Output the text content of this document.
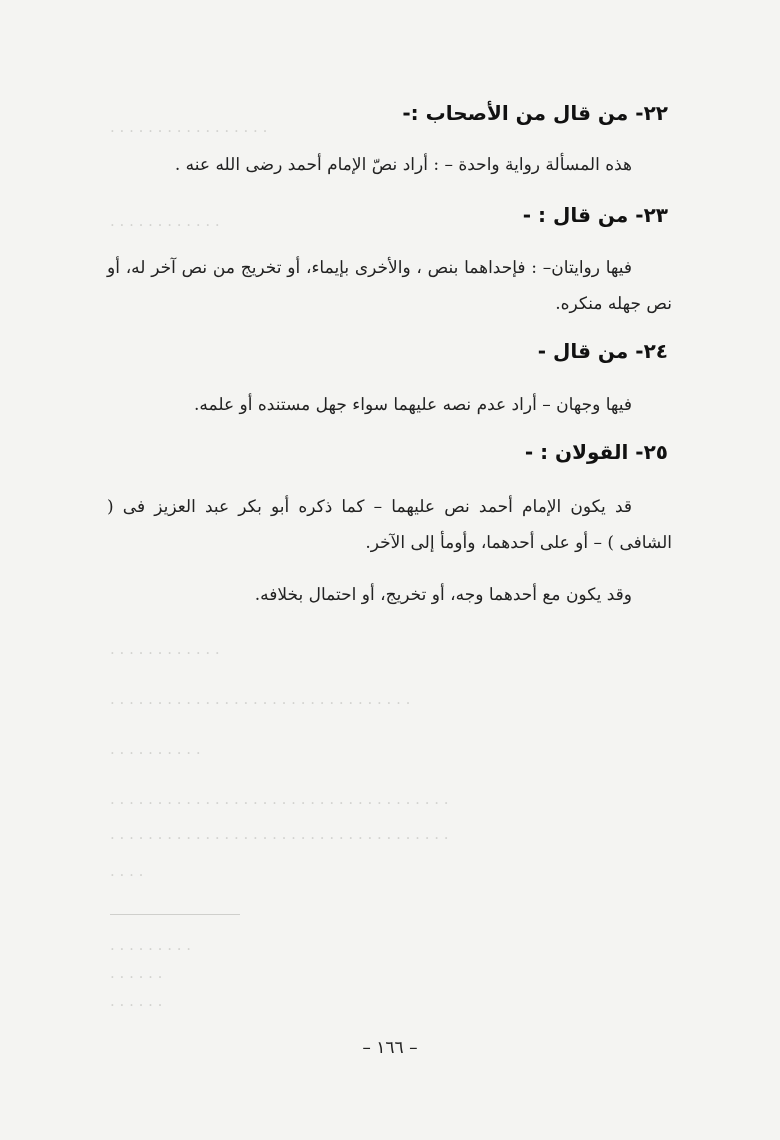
. . . . . . . . . . . . . . . . .
. . . . . . . . . . . .
. . . . . . . . . . . .
. . . . . . . . . . . . . . . . . . . . . . . . . . . . . . . .
. . . . . . . . . .
. . . . . . . . . . . . . . . . . . . . . . . . . . . . . . . . . . . .
. . . . . . . . . . . . . . . . . . . . . . . . . . . . . . . . . . . .
. . . .
. . . . . . . . .
. . . . . .
. . . . . .
٢٢- من قال من الأصحاب :-

هذه المسألة رواية واحدة – : أراد نصّ الإمام أحمد رضى الله عنه .

٢٣- من قال : -

فيها روايتان– : فإحداهما بنص ، والأخرى بإيماء، أو تخريج من نص آخر له، أو نص جهله منكره.

٢٤- من قال -

فيها وجهان – أراد عدم نصه عليهما سواء جهل مستنده أو علمه.

٢٥- القولان : -

قد يكون الإمام أحمد نص عليهما – كما ذكره أبو بكر عبد العزيز فى ( الشافى ) – أو على أحدهما، وأومأ إلى الآخر.

وقد يكون مع أحدهما وجه، أو تخريج، أو احتمال بخلافه.

– ١٦٦ –
